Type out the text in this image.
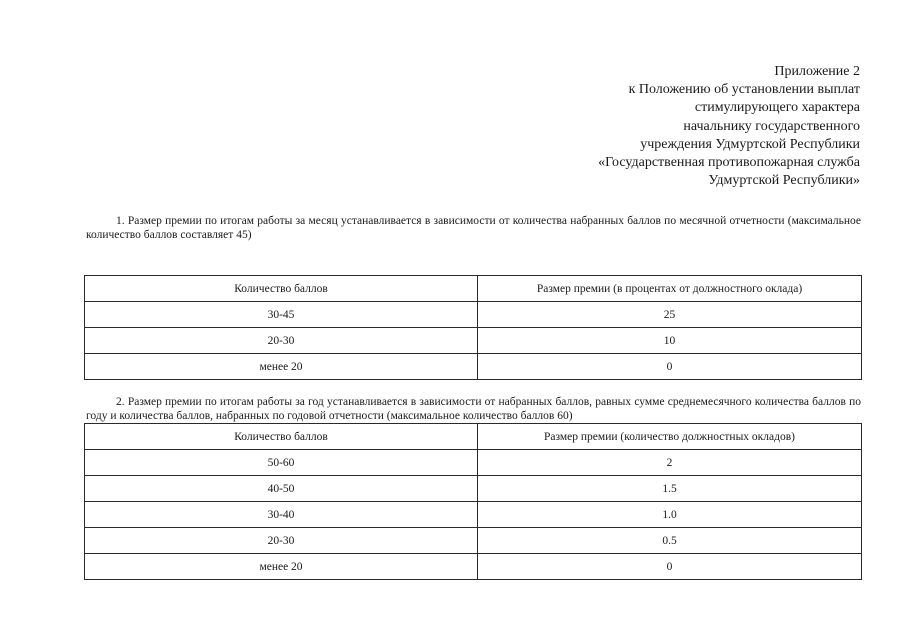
Приложение 2
к Положению об установлении выплат
стимулирующего характера
начальнику государственного
учреждения Удмуртской Республики
«Государственная противопожарная служба
Удмуртской Республики»
1. Размер премии по итогам работы за месяц устанавливается в зависимости от количества набранных баллов по месячной отчетности (максимальное количество баллов составляет 45)
Количество баллов	Размер премии (в процентах от должностного оклада)
30-45	25
20-30	10
менее 20	0
2. Размер премии по итогам работы за год устанавливается в зависимости от набранных баллов, равных сумме среднемесячного количества баллов по году и количества баллов, набранных по годовой отчетности (максимальное количество баллов 60)
Количество баллов	Размер премии (количество должностных окладов)
50-60	2
40-50	1.5
30-40	1.0
20-30	0.5
менее 20	0
